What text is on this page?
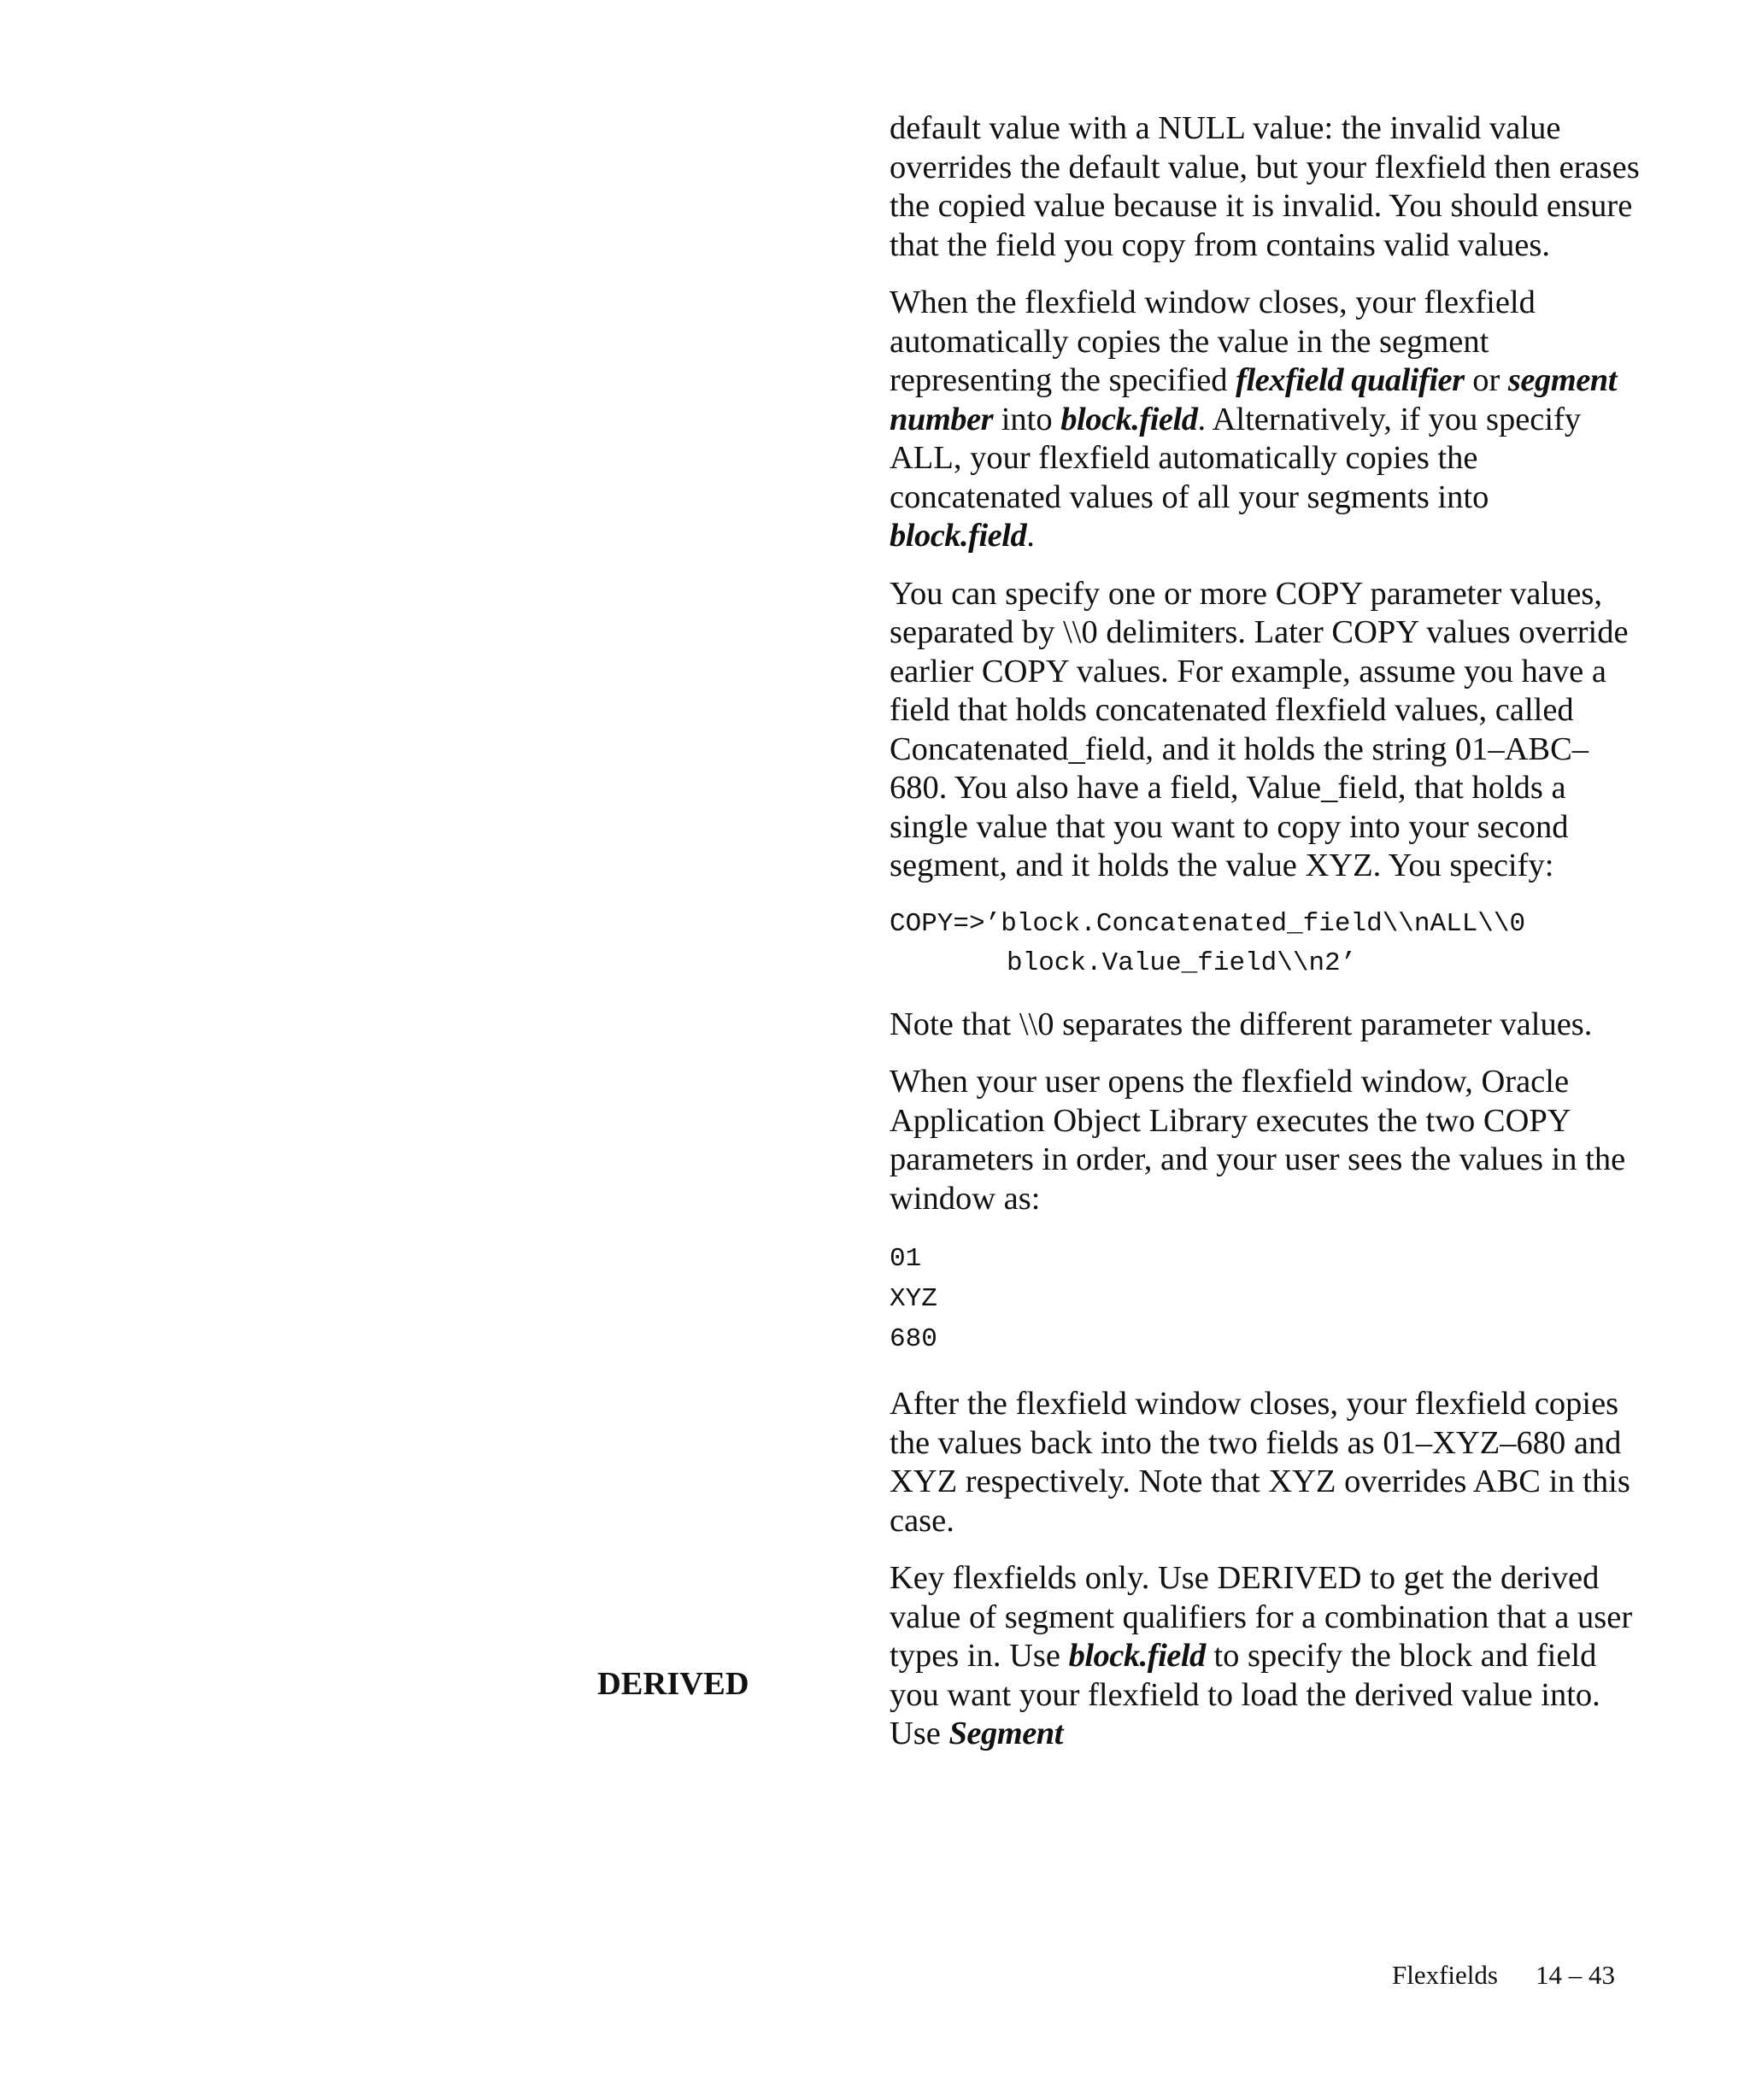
default value with a NULL value: the invalid value overrides the default value, but your flexfield then erases the copied value because it is invalid. You should ensure that the field you copy from contains valid values.

When the flexfield window closes, your flexfield automatically copies the value in the segment representing the specified flexfield qualifier or segment number into block.field. Alternatively, if you specify ALL, your flexfield automatically copies the concatenated values of all your segments into block.field.

You can specify one or more COPY parameter values, separated by \\0 delimiters. Later COPY values override earlier COPY values. For example, assume you have a field that holds concatenated flexfield values, called Concatenated_field, and it holds the string 01–ABC–680. You also have a field, Value_field, that holds a single value that you want to copy into your second segment, and it holds the value XYZ. You specify:

COPY=>’block.Concatenated_field\\nALL\\0

block.Value_field\\n2’

Note that \\0 separates the different parameter values.

When your user opens the flexfield window, Oracle Application Object Library executes the two COPY parameters in order, and your user sees the values in the window as:

01
XYZ
680

After the flexfield window closes, your flexfield copies the values back into the two fields as 01–XYZ–680 and XYZ respectively. Note that XYZ overrides ABC in this case.

Key flexfields only. Use DERIVED to get the derived value of segment qualifiers for a combination that a user types in. Use block.field to specify the block and field you want your flexfield to load the derived value into. Use Segment

DERIVED
Flexfields 14 – 43
